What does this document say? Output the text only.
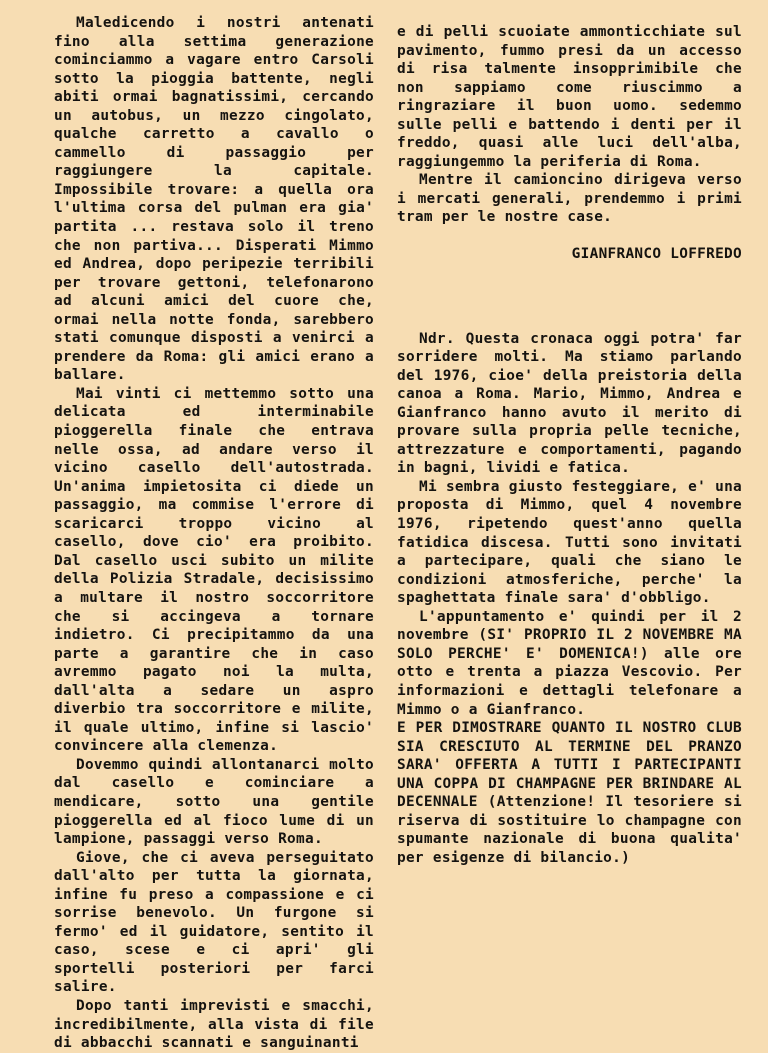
Maledicendo i nostri antenati fino alla settima generazione cominciammo a vagare entro Carsoli sotto la pioggia battente, negli abiti ormai bagnatissimi, cercando un autobus, un mezzo cingolato, qualche carretto a cavallo o cammello di passaggio per raggiungere la capitale. Impossibile trovare: a quella ora l'ultima corsa del pulman era gia' partita ... restava solo il treno che non partiva... Disperati Mimmo ed Andrea, dopo peripezie terribili per trovare gettoni, telefonarono ad alcuni amici del cuore che, ormai nella notte fonda, sarebbero stati comunque disposti a venirci a prendere da Roma: gli amici erano a ballare.

Mai vinti ci mettemmo sotto una delicata ed interminabile pioggerella finale che entrava nelle ossa, ad andare verso il vicino casello dell'autostrada. Un'anima impietosita ci diede un passaggio, ma commise l'errore di scaricarci troppo vicino al casello, dove cio' era proibito. Dal casello usci subito un milite della Polizia Stradale, decisissimo a multare il nostro soccorritore che si accingeva a tornare indietro. Ci precipitammo da una parte a garantire che in caso avremmo pagato noi la multa, dall'alta a sedare un aspro diverbio tra soccorritore e milite, il quale ultimo, infine si lascio' convincere alla clemenza.

Dovemmo quindi allontanarci molto dal casello e cominciare a mendicare, sotto una gentile pioggerella ed al fioco lume di un lampione, passaggi verso Roma.

Giove, che ci aveva perseguitato dall'alto per tutta la giornata, infine fu preso a compassione e ci sorrise benevolo. Un furgone si fermo' ed il guidatore, sentito il caso, scese e ci apri' gli sportelli posteriori per farci salire.

Dopo tanti imprevisti e smacchi, incredibilmente, alla vista di file di abbacchi scannati e sanguinanti

e di pelli scuoiate ammonticchiate sul pavimento, fummo presi da un accesso di risa talmente insopprimibile che non sappiamo come riuscimmo a ringraziare il buon uomo. sedemmo sulle pelli e battendo i denti per il freddo, quasi alle luci dell'alba, raggiungemmo la periferia di Roma.

Mentre il camioncino dirigeva verso i mercati generali, prendemmo i primi tram per le nostre case.

GIANFRANCO LOFFREDO

Ndr. Questa cronaca oggi potra' far sorridere molti. Ma stiamo parlando del 1976, cioe' della preistoria della canoa a Roma. Mario, Mimmo, Andrea e Gianfranco hanno avuto il merito di provare sulla propria pelle tecniche, attrezzature e comportamenti, pagando in bagni, lividi e fatica.

Mi sembra giusto festeggiare, e' una proposta di Mimmo, quel 4 novembre 1976, ripetendo quest'anno quella fatidica discesa. Tutti sono invitati a partecipare, quali che siano le condizioni atmosferiche, perche' la spaghettata finale sara' d'obbligo.

L'appuntamento e' quindi per il 2 novembre (SI' PROPRIO IL 2 NOVEMBRE MA SOLO PERCHE' E' DOMENICA!) alle ore otto e trenta a piazza Vescovio. Per informazioni e dettagli telefonare a Mimmo o a Gianfranco.

E PER DIMOSTRARE QUANTO IL NOSTRO CLUB SIA CRESCIUTO AL TERMINE DEL PRANZO SARA' OFFERTA A TUTTI I PARTECIPANTI UNA COPPA DI CHAMPAGNE PER BRINDARE AL DECENNALE (Attenzione! Il tesoriere si riserva di sostituire lo champagne con spumante nazionale di buona qualita' per esigenze di bilancio.)
